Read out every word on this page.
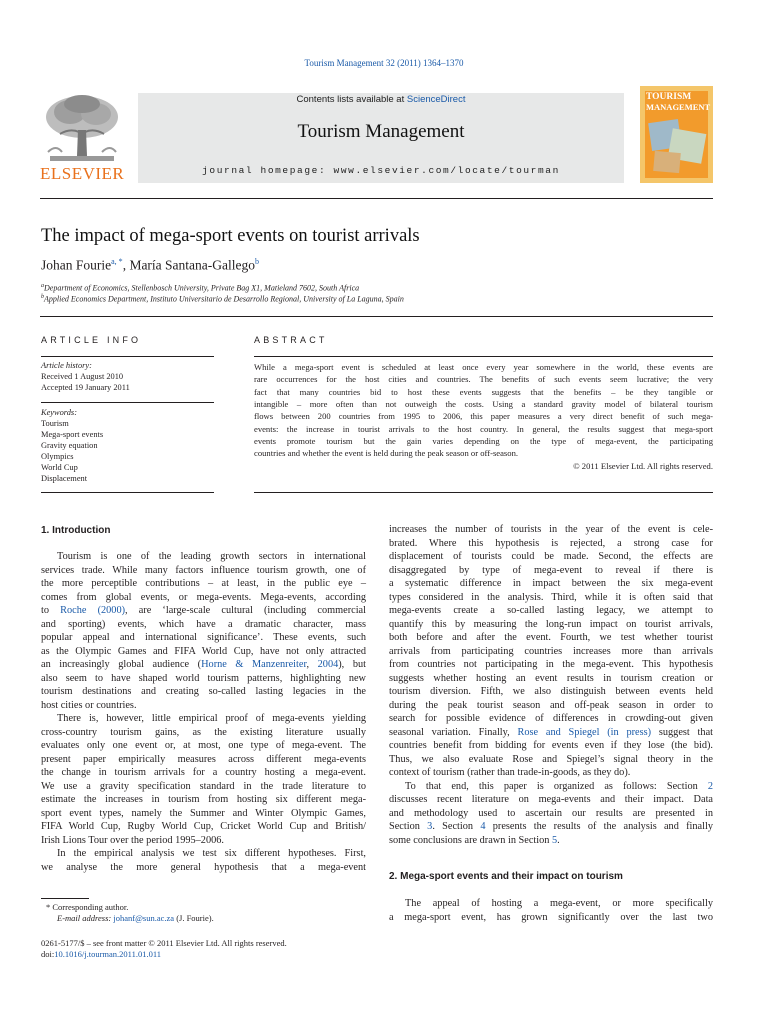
Tourism Management 32 (2011) 1364–1370
ELSEVIER
Contents lists available at ScienceDirect
Tourism Management
journal homepage: www.elsevier.com/locate/tourman
TOURISM
MANAGEMENT
The impact of mega-sport events on tourist arrivals
Johan Fourie$^{a, *}$, María Santana-Gallego$^b$
$^a$Department of Economics, Stellenbosch University, Private Bag X1, Matieland 7602, South Africa
$^b$Applied Economics Department, Instituto Universitario de Desarrollo Regional, University of La Laguna, Spain
ARTICLE INFO
Article history:
Received 1 August 2010
Accepted 19 January 2011
Keywords:
Tourism
Mega-sport events
Gravity equation
Olympics
World Cup
Displacement
ABSTRACT
While a mega-sport event is scheduled at least once every year somewhere in the world, these events are
rare occurrences for the host cities and countries. The benefits of such events seem lucrative; the very
fact that many countries bid to host these events suggests that the benefits – be they tangible or
intangible – more often than not outweigh the costs. Using a standard gravity model of bilateral tourism
flows between 200 countries from 1995 to 2006, this paper measures a very direct benefit of such mega-
events: the increase in tourist arrivals to the host country. In general, the results suggest that mega-sport
events promote tourism but the gain varies depending on the type of mega-event, the participating
countries and whether the event is held during the peak season or off-season.
© 2011 Elsevier Ltd. All rights reserved.
1. Introduction
Tourism is one of the leading growth sectors in international
services trade. While many factors influence tourism growth, one of
the more perceptible contributions – at least, in the public eye –
comes from global events, or mega-events. Mega-events, according
to Roche (2000), are ‘large-scale cultural (including commercial
and sporting) events, which have a dramatic character, mass
popular appeal and international significance’. These events, such
as the Olympic Games and FIFA World Cup, have not only attracted
an increasingly global audience (Horne & Manzenreiter, 2004), but
also seem to have shaped world tourism patterns, highlighting new
tourism destinations and creating so-called lasting legacies in the
host cities or countries.
There is, however, little empirical proof of mega-events yielding
cross-country tourism gains, as the existing literature usually
evaluates only one event or, at most, one type of mega-event. The
present paper empirically measures across different mega-events
the change in tourism arrivals for a country hosting a mega-event.
We use a gravity specification standard in the trade literature to
estimate the increases in tourism from hosting six different mega-
sport event types, namely the Summer and Winter Olympic Games,
FIFA World Cup, Rugby World Cup, Cricket World Cup and British/
Irish Lions Tour over the period 1995–2006.
In the empirical analysis we test six different hypotheses. First,
we analyse the more general hypothesis that a mega-event
increases the number of tourists in the year of the event is cele-
brated. Where this hypothesis is rejected, a strong case for
displacement of tourists could be made. Second, the effects are
disaggregated by type of mega-event to reveal if there is
a systematic difference in impact between the six mega-event
types considered in the analysis. Third, while it is often said that
mega-events create a so-called lasting legacy, we attempt to
quantify this by measuring the long-run impact on tourist arrivals,
both before and after the event. Fourth, we test whether tourist
arrivals from participating countries increases more than arrivals
from countries not participating in the mega-event. This hypothesis
suggests whether hosting an event results in tourism creation or
tourism diversion. Fifth, we also distinguish between events held
during the peak tourist season and off-peak season in order to
search for possible evidence of differences in crowding-out given
seasonal variation. Finally, Rose and Spiegel (in press) suggest that
countries benefit from bidding for events even if they lose (the bid).
Thus, we also evaluate Rose and Spiegel’s signal theory in the
context of tourism (rather than trade-in-goods, as they do).
To that end, this paper is organized as follows: Section 2
discusses recent literature on mega-events and their impact. Data
and methodology used to ascertain our results are presented in
Section 3. Section 4 presents the results of the analysis and finally
some conclusions are drawn in Section 5.
2. Mega-sport events and their impact on tourism
The appeal of hosting a mega-event, or more specifically
a mega-sport event, has grown significantly over the last two
* Corresponding author.
E-mail address: johanf@sun.ac.za (J. Fourie).
0261-5177/$ – see front matter © 2011 Elsevier Ltd. All rights reserved.
doi:10.1016/j.tourman.2011.01.011
